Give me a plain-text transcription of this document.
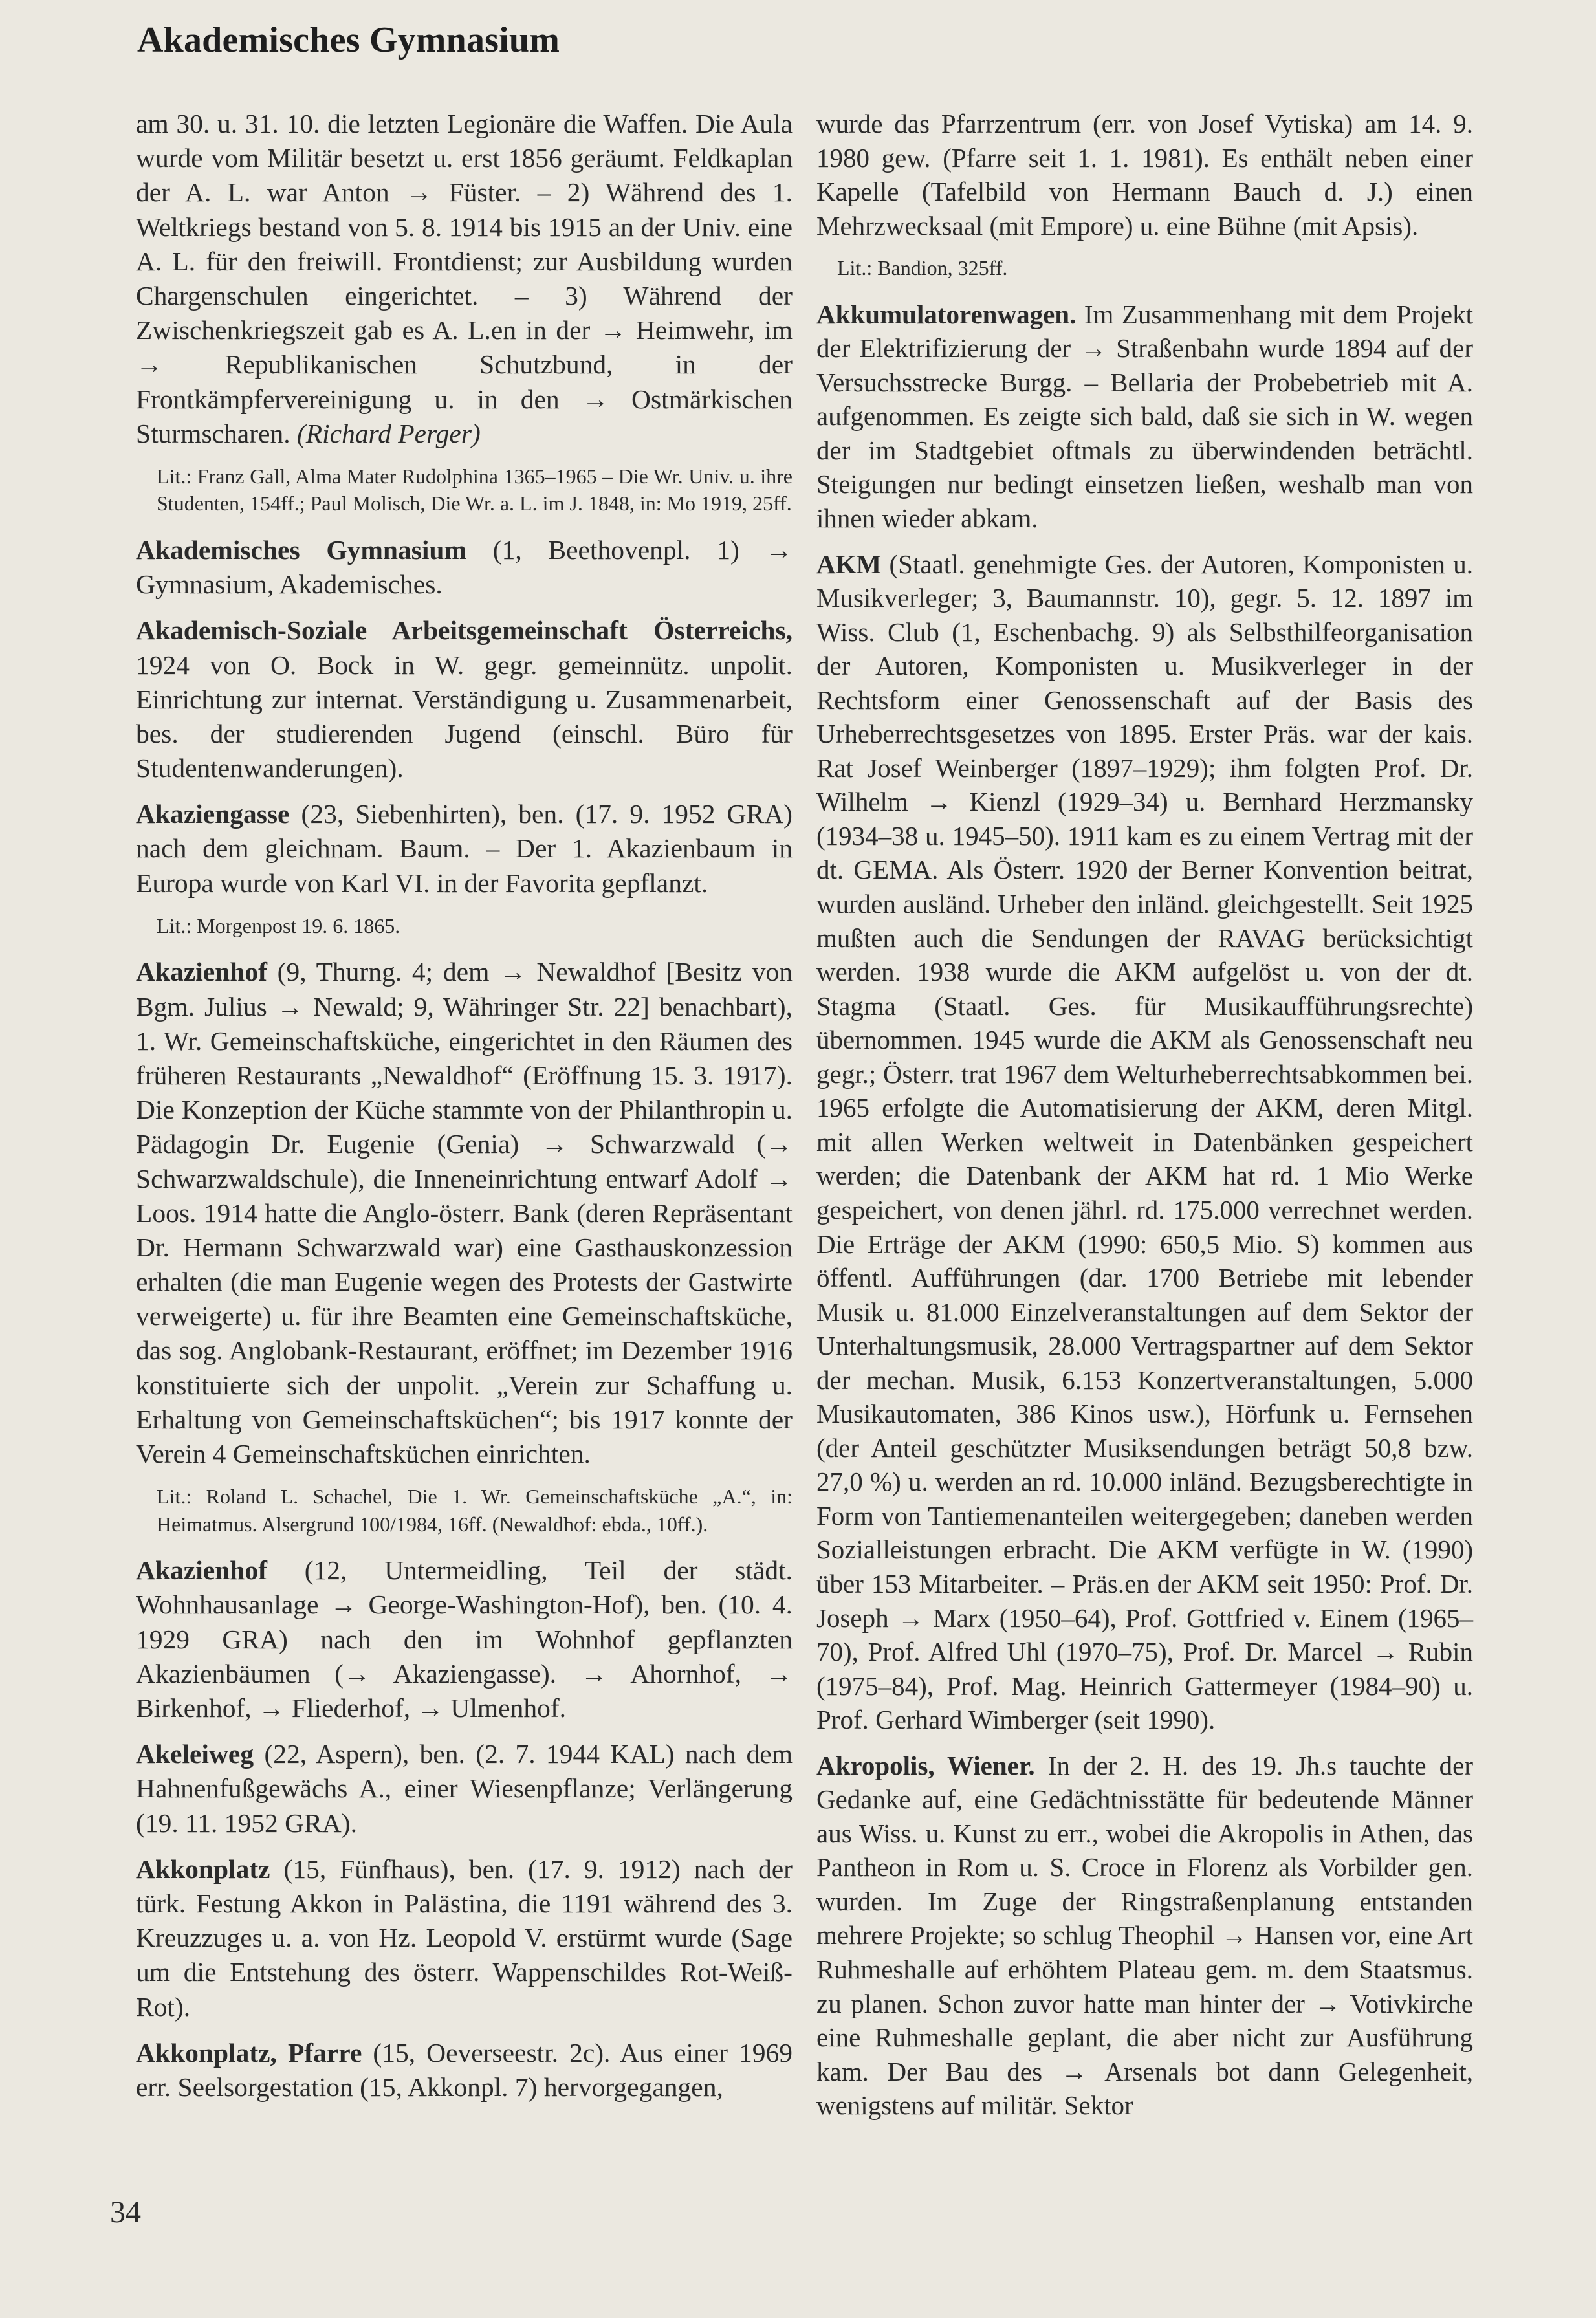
Akademisches Gymnasium

am 30. u. 31. 10. die letzten Legionäre die Waffen. Die Aula wurde vom Militär besetzt u. erst 1856 geräumt. Feldkaplan der A. L. war Anton → Füster. – 2) Während des 1. Weltkriegs bestand von 5. 8. 1914 bis 1915 an der Univ. eine A. L. für den freiwill. Frontdienst; zur Ausbildung wurden Chargenschulen eingerichtet. – 3) Während der Zwischenkriegszeit gab es A. L.en in der → Heimwehr, im → Republikanischen Schutzbund, in der Frontkämpfervereinigung u. in den → Ostmärkischen Sturmscharen. (Richard Perger)

Lit.: Franz Gall, Alma Mater Rudolphina 1365–1965 – Die Wr. Univ. u. ihre Studenten, 154ff.; Paul Molisch, Die Wr. a. L. im J. 1848, in: Mo 1919, 25ff.

Akademisches Gymnasium (1, Beethovenpl. 1) → Gymnasium, Akademisches.

Akademisch-Soziale Arbeitsgemeinschaft Österreichs, 1924 von O. Bock in W. gegr. gemeinnütz. unpolit. Einrichtung zur internat. Verständigung u. Zusammenarbeit, bes. der studierenden Jugend (einschl. Büro für Studentenwanderungen).

Akaziengasse (23, Siebenhirten), ben. (17. 9. 1952 GRA) nach dem gleichnam. Baum. – Der 1. Akazienbaum in Europa wurde von Karl VI. in der Favorita gepflanzt.

Lit.: Morgenpost 19. 6. 1865.

Akazienhof (9, Thurng. 4; dem → Newaldhof [Besitz von Bgm. Julius → Newald; 9, Währinger Str. 22] benachbart), 1. Wr. Gemeinschaftsküche, eingerichtet in den Räumen des früheren Restaurants „Newaldhof“ (Eröffnung 15. 3. 1917). Die Konzeption der Küche stammte von der Philanthropin u. Pädagogin Dr. Eugenie (Genia) → Schwarzwald (→ Schwarzwaldschule), die Inneneinrichtung entwarf Adolf → Loos. 1914 hatte die Anglo-österr. Bank (deren Repräsentant Dr. Hermann Schwarzwald war) eine Gasthauskonzession erhalten (die man Eugenie wegen des Protests der Gastwirte verweigerte) u. für ihre Beamten eine Gemeinschaftsküche, das sog. Anglobank-Restaurant, eröffnet; im Dezember 1916 konstituierte sich der unpolit. „Verein zur Schaffung u. Erhaltung von Gemeinschaftsküchen“; bis 1917 konnte der Verein 4 Gemeinschaftsküchen einrichten.

Lit.: Roland L. Schachel, Die 1. Wr. Gemeinschaftsküche „A.“, in: Heimatmus. Alsergrund 100/1984, 16ff. (Newaldhof: ebda., 10ff.).

Akazienhof (12, Untermeidling, Teil der städt. Wohnhausanlage → George-Washington-Hof), ben. (10. 4. 1929 GRA) nach den im Wohnhof gepflanzten Akazienbäumen (→ Akaziengasse). → Ahornhof, → Birkenhof, → Fliederhof, → Ulmenhof.

Akeleiweg (22, Aspern), ben. (2. 7. 1944 KAL) nach dem Hahnenfußgewächs A., einer Wiesenpflanze; Verlängerung (19. 11. 1952 GRA).

Akkonplatz (15, Fünfhaus), ben. (17. 9. 1912) nach der türk. Festung Akkon in Palästina, die 1191 während des 3. Kreuzzuges u. a. von Hz. Leopold V. erstürmt wurde (Sage um die Entstehung des österr. Wappenschildes Rot-Weiß-Rot).

Akkonplatz, Pfarre (15, Oeverseestr. 2c). Aus einer 1969 err. Seelsorgestation (15, Akkonpl. 7) hervorgegangen,

wurde das Pfarrzentrum (err. von Josef Vytiska) am 14. 9. 1980 gew. (Pfarre seit 1. 1. 1981). Es enthält neben einer Kapelle (Tafelbild von Hermann Bauch d. J.) einen Mehrzwecksaal (mit Empore) u. eine Bühne (mit Apsis).

Lit.: Bandion, 325ff.

Akkumulatorenwagen. Im Zusammenhang mit dem Projekt der Elektrifizierung der → Straßenbahn wurde 1894 auf der Versuchsstrecke Burgg. – Bellaria der Probebetrieb mit A. aufgenommen. Es zeigte sich bald, daß sie sich in W. wegen der im Stadtgebiet oftmals zu überwindenden beträchtl. Steigungen nur bedingt einsetzen ließen, weshalb man von ihnen wieder abkam.

AKM (Staatl. genehmigte Ges. der Autoren, Komponisten u. Musikverleger; 3, Baumannstr. 10), gegr. 5. 12. 1897 im Wiss. Club (1, Eschenbachg. 9) als Selbsthilfeorganisation der Autoren, Komponisten u. Musikverleger in der Rechtsform einer Genossenschaft auf der Basis des Urheberrechtsgesetzes von 1895. Erster Präs. war der kais. Rat Josef Weinberger (1897–1929); ihm folgten Prof. Dr. Wilhelm → Kienzl (1929–34) u. Bernhard Herzmansky (1934–38 u. 1945–50). 1911 kam es zu einem Vertrag mit der dt. GEMA. Als Österr. 1920 der Berner Konvention beitrat, wurden ausländ. Urheber den inländ. gleichgestellt. Seit 1925 mußten auch die Sendungen der RAVAG berücksichtigt werden. 1938 wurde die AKM aufgelöst u. von der dt. Stagma (Staatl. Ges. für Musikaufführungsrechte) übernommen. 1945 wurde die AKM als Genossenschaft neu gegr.; Österr. trat 1967 dem Welturheberrechtsabkommen bei. 1965 erfolgte die Automatisierung der AKM, deren Mitgl. mit allen Werken weltweit in Datenbänken gespeichert werden; die Datenbank der AKM hat rd. 1 Mio Werke gespeichert, von denen jährl. rd. 175.000 verrechnet werden. Die Erträge der AKM (1990: 650,5 Mio. S) kommen aus öffentl. Aufführungen (dar. 1700 Betriebe mit lebender Musik u. 81.000 Einzelveranstaltungen auf dem Sektor der Unterhaltungsmusik, 28.000 Vertragspartner auf dem Sektor der mechan. Musik, 6.153 Konzertveranstaltungen, 5.000 Musikautomaten, 386 Kinos usw.), Hörfunk u. Fernsehen (der Anteil geschützter Musiksendungen beträgt 50,8 bzw. 27,0 %) u. werden an rd. 10.000 inländ. Bezugsberechtigte in Form von Tantiemenanteilen weitergegeben; daneben werden Sozialleistungen erbracht. Die AKM verfügte in W. (1990) über 153 Mitarbeiter. – Präs.en der AKM seit 1950: Prof. Dr. Joseph → Marx (1950–64), Prof. Gottfried v. Einem (1965–70), Prof. Alfred Uhl (1970–75), Prof. Dr. Marcel → Rubin (1975–84), Prof. Mag. Heinrich Gattermeyer (1984–90) u. Prof. Gerhard Wimberger (seit 1990).

Akropolis, Wiener. In der 2. H. des 19. Jh.s tauchte der Gedanke auf, eine Gedächtnisstätte für bedeutende Männer aus Wiss. u. Kunst zu err., wobei die Akropolis in Athen, das Pantheon in Rom u. S. Croce in Florenz als Vorbilder gen. wurden. Im Zuge der Ringstraßenplanung entstanden mehrere Projekte; so schlug Theophil → Hansen vor, eine Art Ruhmeshalle auf erhöhtem Plateau gem. m. dem Staatsmus. zu planen. Schon zuvor hatte man hinter der → Votivkirche eine Ruhmeshalle geplant, die aber nicht zur Ausführung kam. Der Bau des → Arsenals bot dann Gelegenheit, wenigstens auf militär. Sektor

34
